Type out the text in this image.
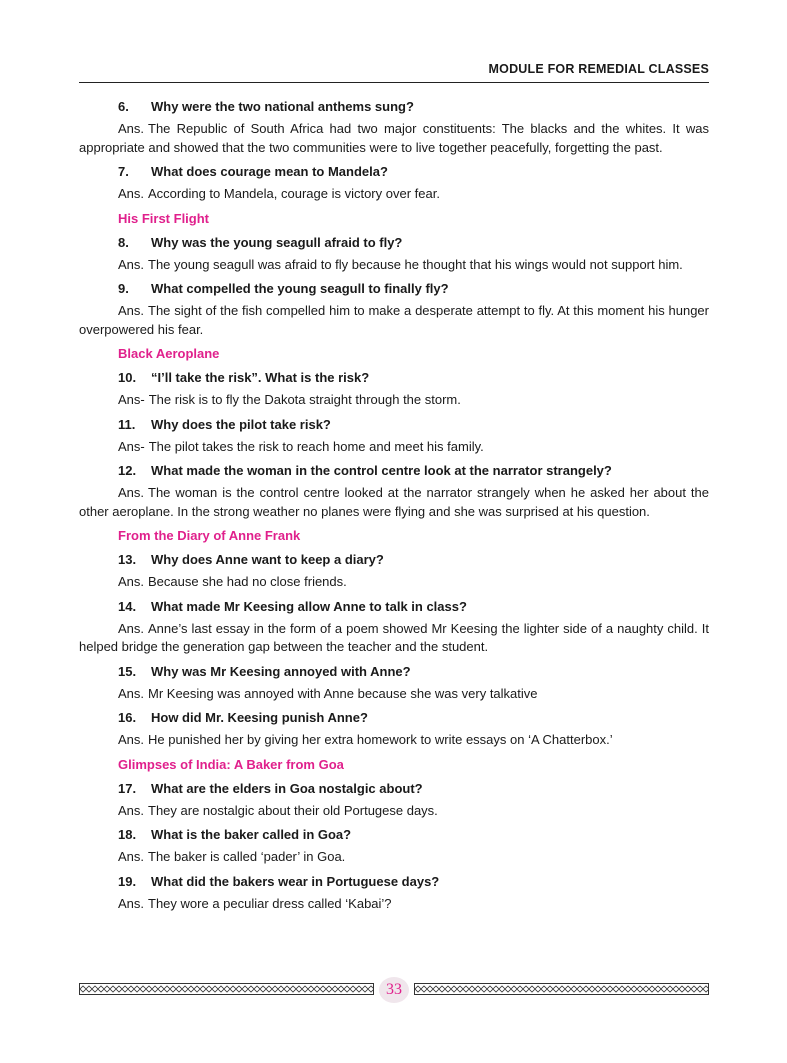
MODULE FOR REMEDIAL CLASSES
6.	Why were the two national anthems sung?
Ans. The Republic of South Africa had two major constituents: The blacks and the whites. It was appropriate and showed that the two communities were to live together peacefully, forgetting the past.
7.	What does courage mean to Mandela?
Ans. According to Mandela, courage is victory over fear.
His First Flight
8.	Why was the young seagull afraid to fly?
Ans. The young seagull was afraid to fly because he thought that his wings would not support him.
9.	What compelled the young seagull to finally fly?
Ans. The sight of the fish compelled him to make a desperate attempt to fly. At this moment his hunger overpowered his fear.
Black Aeroplane
10.	“I’ll take the risk”. What is the risk?
Ans- The risk is to fly the Dakota straight through the storm.
11.	Why does the pilot take risk?
Ans- The pilot takes the risk to reach home and meet his family.
12.	What made the woman in the control centre look at the narrator strangely?
Ans. The woman is the control centre looked at the narrator strangely when he asked her about the other aeroplane. In the strong weather no planes were flying and she was surprised at his question.
From the Diary of Anne Frank
13.	Why does Anne want to keep a diary?
Ans. Because she had no close friends.
14.	What made Mr Keesing allow Anne to talk in class?
Ans. Anne’s last essay in the form of a poem showed Mr Keesing the lighter side of a naughty child. It helped bridge the generation gap between the teacher and the student.
15.	Why was Mr Keesing annoyed with Anne?
Ans. Mr Keesing was annoyed with Anne because she was very talkative
16.	How did Mr. Keesing punish Anne?
Ans. He punished her by giving her extra homework to write essays on ‘A Chatterbox.’
Glimpses of India: A Baker from Goa
17.	What are the elders in Goa nostalgic about?
Ans. They are nostalgic about their old Portugese days.
18.	What is the baker called in Goa?
Ans. The baker is called ‘pader’ in Goa.
19.	What did the bakers wear in Portuguese days?
Ans. They wore a peculiar dress called ‘Kabai’?
33
